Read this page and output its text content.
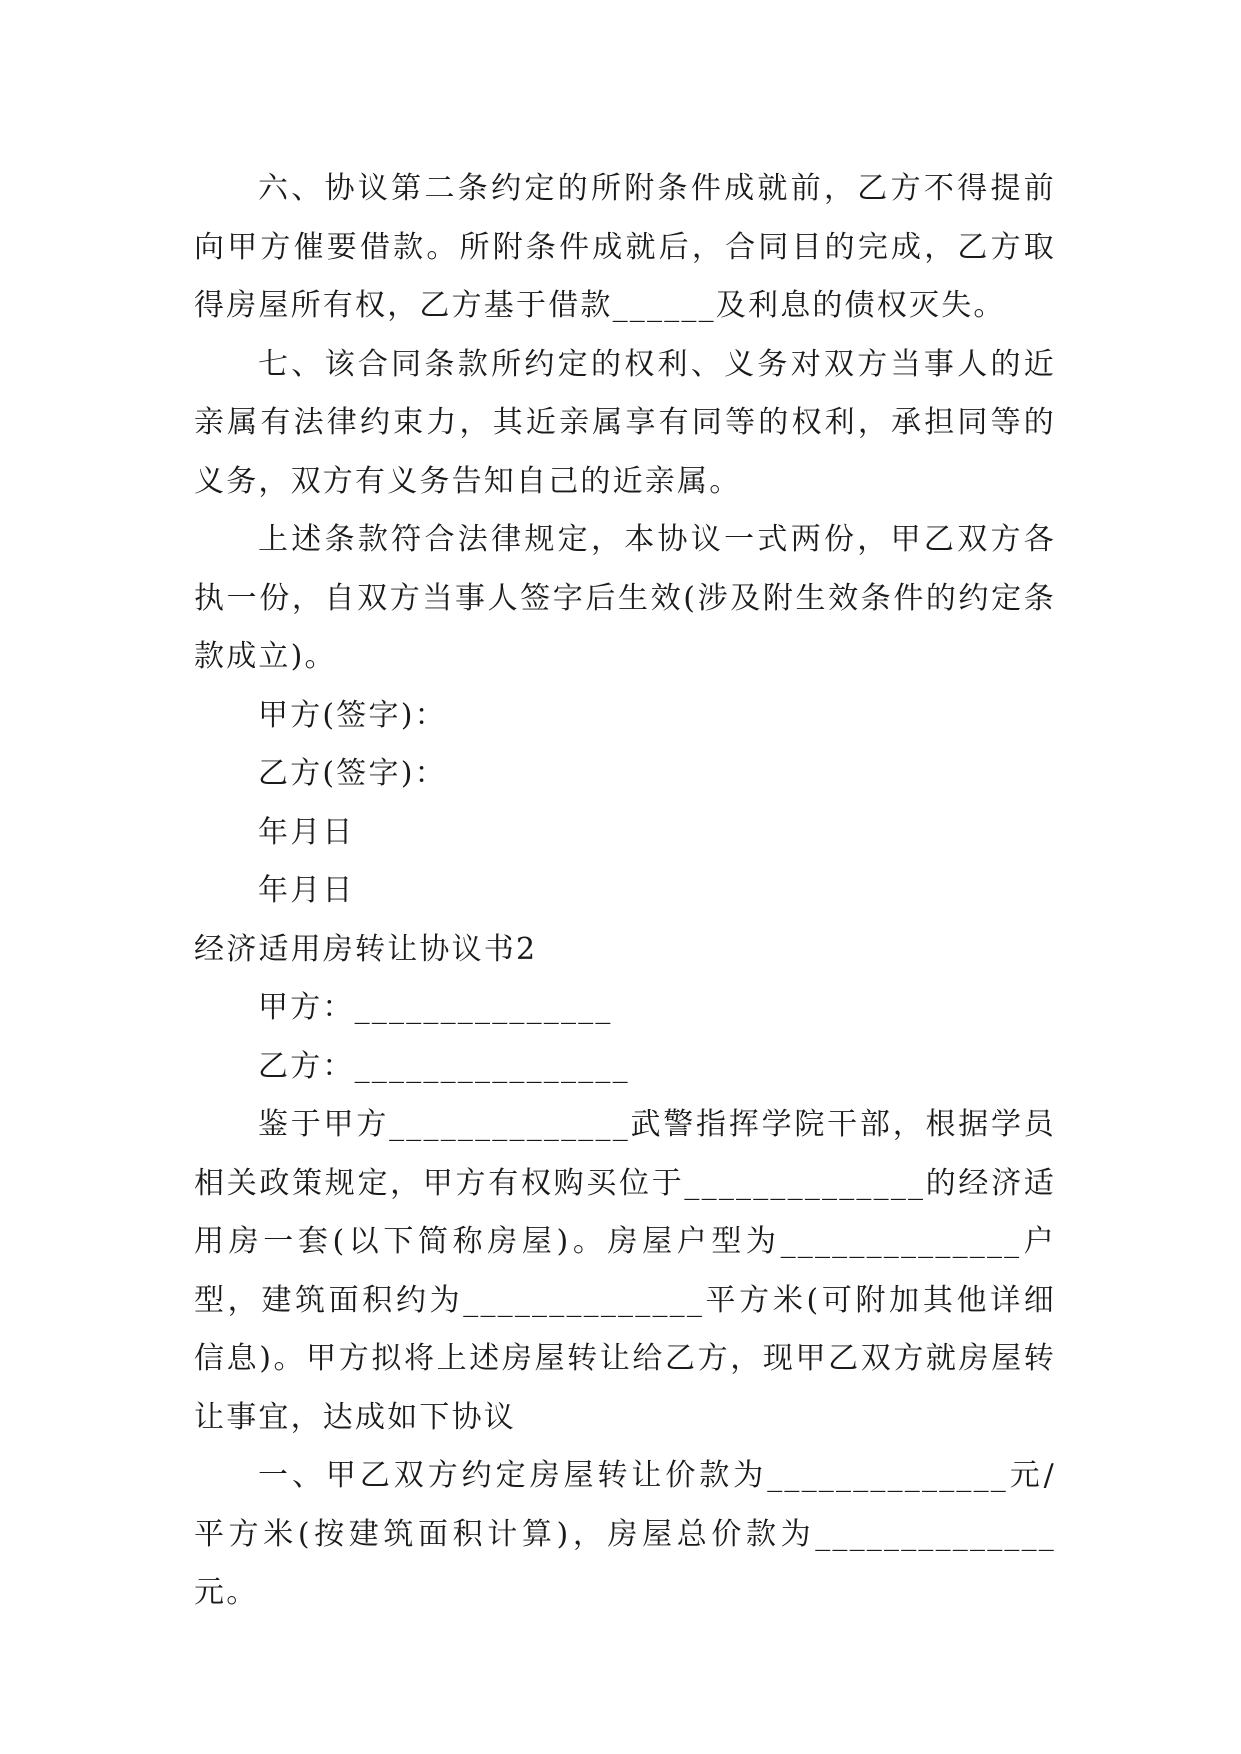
六、协议第二条约定的所附条件成就前，乙方不得提前向甲方催要借款。所附条件成就后，合同目的完成，乙方取得房屋所有权，乙方基于借款______及利息的债权灭失。

七、该合同条款所约定的权利、义务对双方当事人的近亲属有法律约束力，其近亲属享有同等的权利，承担同等的义务，双方有义务告知自己的近亲属。

上述条款符合法律规定，本协议一式两份，甲乙双方各执一份，自双方当事人签字后生效(涉及附生效条件的约定条款成立)。

甲方(签字)：

乙方(签字)：

年月日

年月日

经济适用房转让协议书2

甲方：_______________

乙方：________________

鉴于甲方______________武警指挥学院干部，根据学员相关政策规定，甲方有权购买位于______________的经济适用房一套(以下简称房屋)。房屋户型为______________户型，建筑面积约为______________平方米(可附加其他详细信息)。甲方拟将上述房屋转让给乙方，现甲乙双方就房屋转让事宜，达成如下协议

一、甲乙双方约定房屋转让价款为______________元/平方米(按建筑面积计算)，房屋总价款为______________元。
